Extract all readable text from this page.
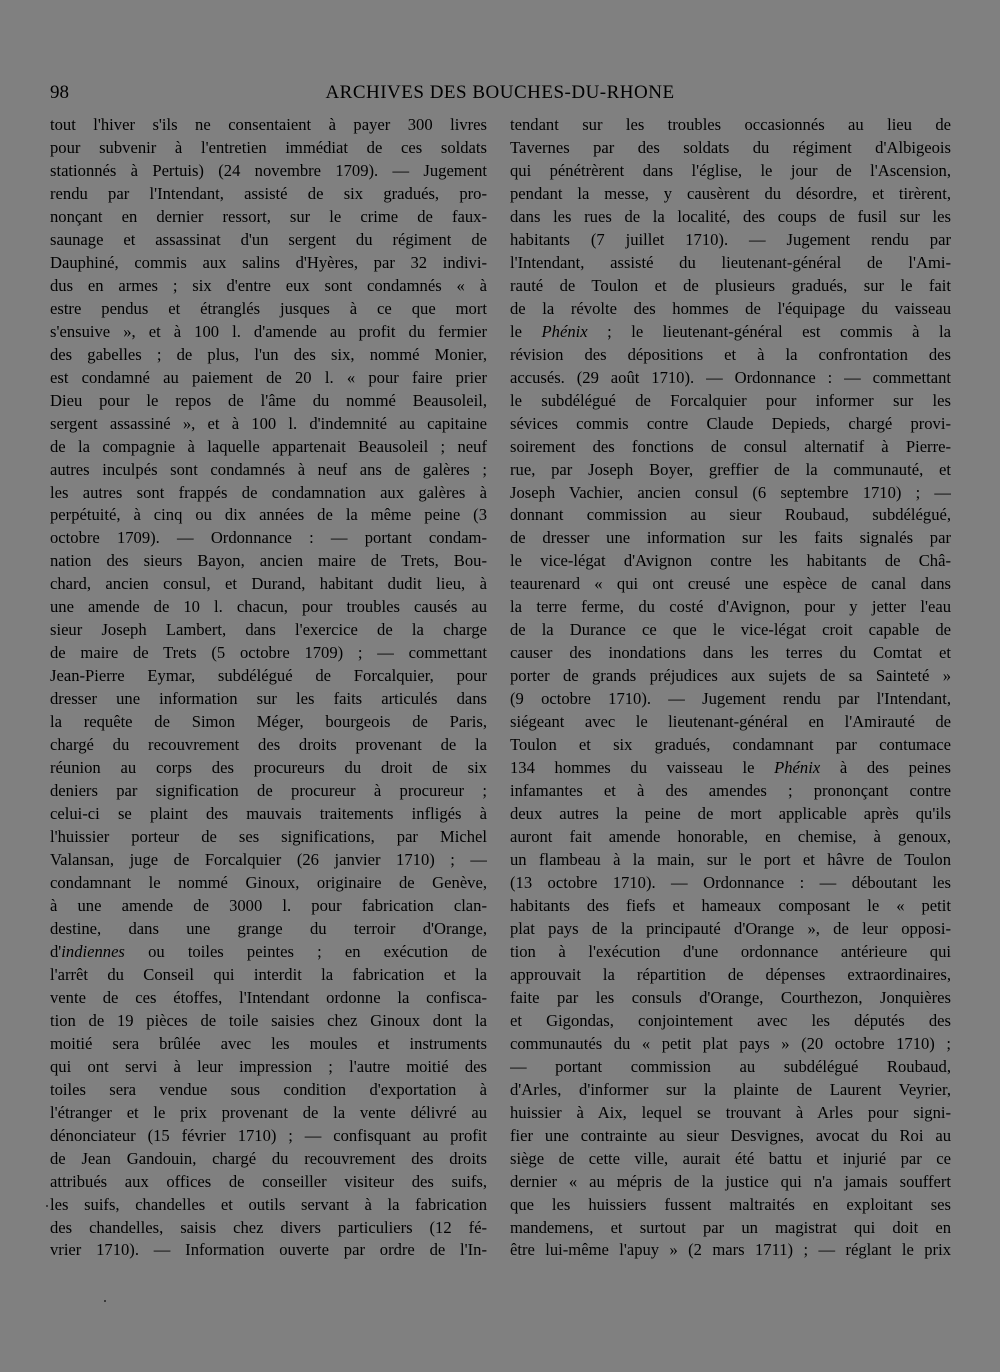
98	ARCHIVES DES BOUCHES-DU-RHONE
tout l'hiver s'ils ne consentaient à payer 300 livres
pour subvenir à l'entretien immédiat de ces soldats
stationnés à Pertuis) (24 novembre 1709). — Jugement
rendu par l'Intendant, assisté de six gradués, pro-
nonçant en dernier ressort, sur le crime de faux-
saunage et assassinat d'un sergent du régiment de
Dauphiné, commis aux salins d'Hyères, par 32 indivi-
dus en armes ; six d'entre eux sont condamnés « à
estre pendus et étranglés jusques à ce que mort
s'ensuive », et à 100 l. d'amende au profit du fermier
des gabelles ; de plus, l'un des six, nommé Monier,
est condamné au paiement de 20 l. « pour faire prier
Dieu pour le repos de l'âme du nommé Beausoleil,
sergent assassiné », et à 100 l. d'indemnité au capitaine
de la compagnie à laquelle appartenait Beausoleil ; neuf
autres inculpés sont condamnés à neuf ans de galères ;
les autres sont frappés de condamnation aux galères à
perpétuité, à cinq ou dix années de la même peine (3
octobre 1709). — Ordonnance : — portant condam-
nation des sieurs Bayon, ancien maire de Trets, Bou-
chard, ancien consul, et Durand, habitant dudit lieu, à
une amende de 10 l. chacun, pour troubles causés au
sieur Joseph Lambert, dans l'exercice de la charge
de maire de Trets (5 octobre 1709) ; — commettant
Jean-Pierre Eymar, subdélégué de Forcalquier, pour
dresser une information sur les faits articulés dans
la requête de Simon Méger, bourgeois de Paris,
chargé du recouvrement des droits provenant de la
réunion au corps des procureurs du droit de six
deniers par signification de procureur à procureur ;
celui-ci se plaint des mauvais traitements infligés à
l'huissier porteur de ses significations, par Michel
Valansan, juge de Forcalquier (26 janvier 1710) ; —
condamnant le nommé Ginoux, originaire de Genève,
à une amende de 3000 l. pour fabrication clan-
destine, dans une grange du terroir d'Orange,
d'indiennes ou toiles peintes ; en exécution de
l'arrêt du Conseil qui interdit la fabrication et la
vente de ces étoffes, l'Intendant ordonne la confisca-
tion de 19 pièces de toile saisies chez Ginoux dont la
moitié sera brûlée avec les moules et instruments
qui ont servi à leur impression ; l'autre moitié des
toiles sera vendue sous condition d'exportation à
l'étranger et le prix provenant de la vente délivré au
dénonciateur (15 février 1710) ; — confisquant au profit
de Jean Gandouin, chargé du recouvrement des droits
attribués aux offices de conseiller visiteur des suifs,
les suifs, chandelles et outils servant à la fabrication
des chandelles, saisis chez divers particuliers (12 fé-
vrier 1710). — Information ouverte par ordre de l'In-
tendant sur les troubles occasionnés au lieu de
Tavernes par des soldats du régiment d'Albigeois
qui pénétrèrent dans l'église, le jour de l'Ascension,
pendant la messe, y causèrent du désordre, et tirèrent,
dans les rues de la localité, des coups de fusil sur les
habitants (7 juillet 1710). — Jugement rendu par
l'Intendant, assisté du lieutenant-général de l'Ami-
rauté de Toulon et de plusieurs gradués, sur le fait
de la révolte des hommes de l'équipage du vaisseau
le Phénix ; le lieutenant-général est commis à la
révision des dépositions et à la confrontation des
accusés. (29 août 1710). — Ordonnance : — commettant
le subdélégué de Forcalquier pour informer sur les
sévices commis contre Claude Depieds, chargé provi-
soirement des fonctions de consul alternatif à Pierre-
rue, par Joseph Boyer, greffier de la communauté, et
Joseph Vachier, ancien consul (6 septembre 1710) ; —
donnant commission au sieur Roubaud, subdélégué,
de dresser une information sur les faits signalés par
le vice-légat d'Avignon contre les habitants de Châ-
teaurenard « qui ont creusé une espèce de canal dans
la terre ferme, du costé d'Avignon, pour y jetter l'eau
de la Durance ce que le vice-légat croit capable de
causer des inondations dans les terres du Comtat et
porter de grands préjudices aux sujets de sa Sainteté »
(9 octobre 1710). — Jugement rendu par l'Intendant,
siégeant avec le lieutenant-général en l'Amirauté de
Toulon et six gradués, condamnant par contumace
134 hommes du vaisseau le Phénix à des peines
infamantes et à des amendes ; prononçant contre
deux autres la peine de mort applicable après qu'ils
auront fait amende honorable, en chemise, à genoux,
un flambeau à la main, sur le port et hâvre de Toulon
(13 octobre 1710). — Ordonnance : — déboutant les
habitants des fiefs et hameaux composant le « petit
plat pays de la principauté d'Orange », de leur opposi-
tion à l'exécution d'une ordonnance antérieure qui
approuvait la répartition de dépenses extraordinaires,
faite par les consuls d'Orange, Courthezon, Jonquières
et Gigondas, conjointement avec les députés des
communautés du « petit plat pays » (20 octobre 1710) ;
— portant commission au subdélégué Roubaud,
d'Arles, d'informer sur la plainte de Laurent Veyrier,
huissier à Aix, lequel se trouvant à Arles pour signi-
fier une contrainte au sieur Desvignes, avocat du Roi au
siège de cette ville, aurait été battu et injurié par ce
dernier « au mépris de la justice qui n'a jamais souffert
que les huissiers fussent maltraités en exploitant ses
mandemens, et surtout par un magistrat qui doit en
être lui-même l'apuy » (2 mars 1711) ; — réglant le prix
